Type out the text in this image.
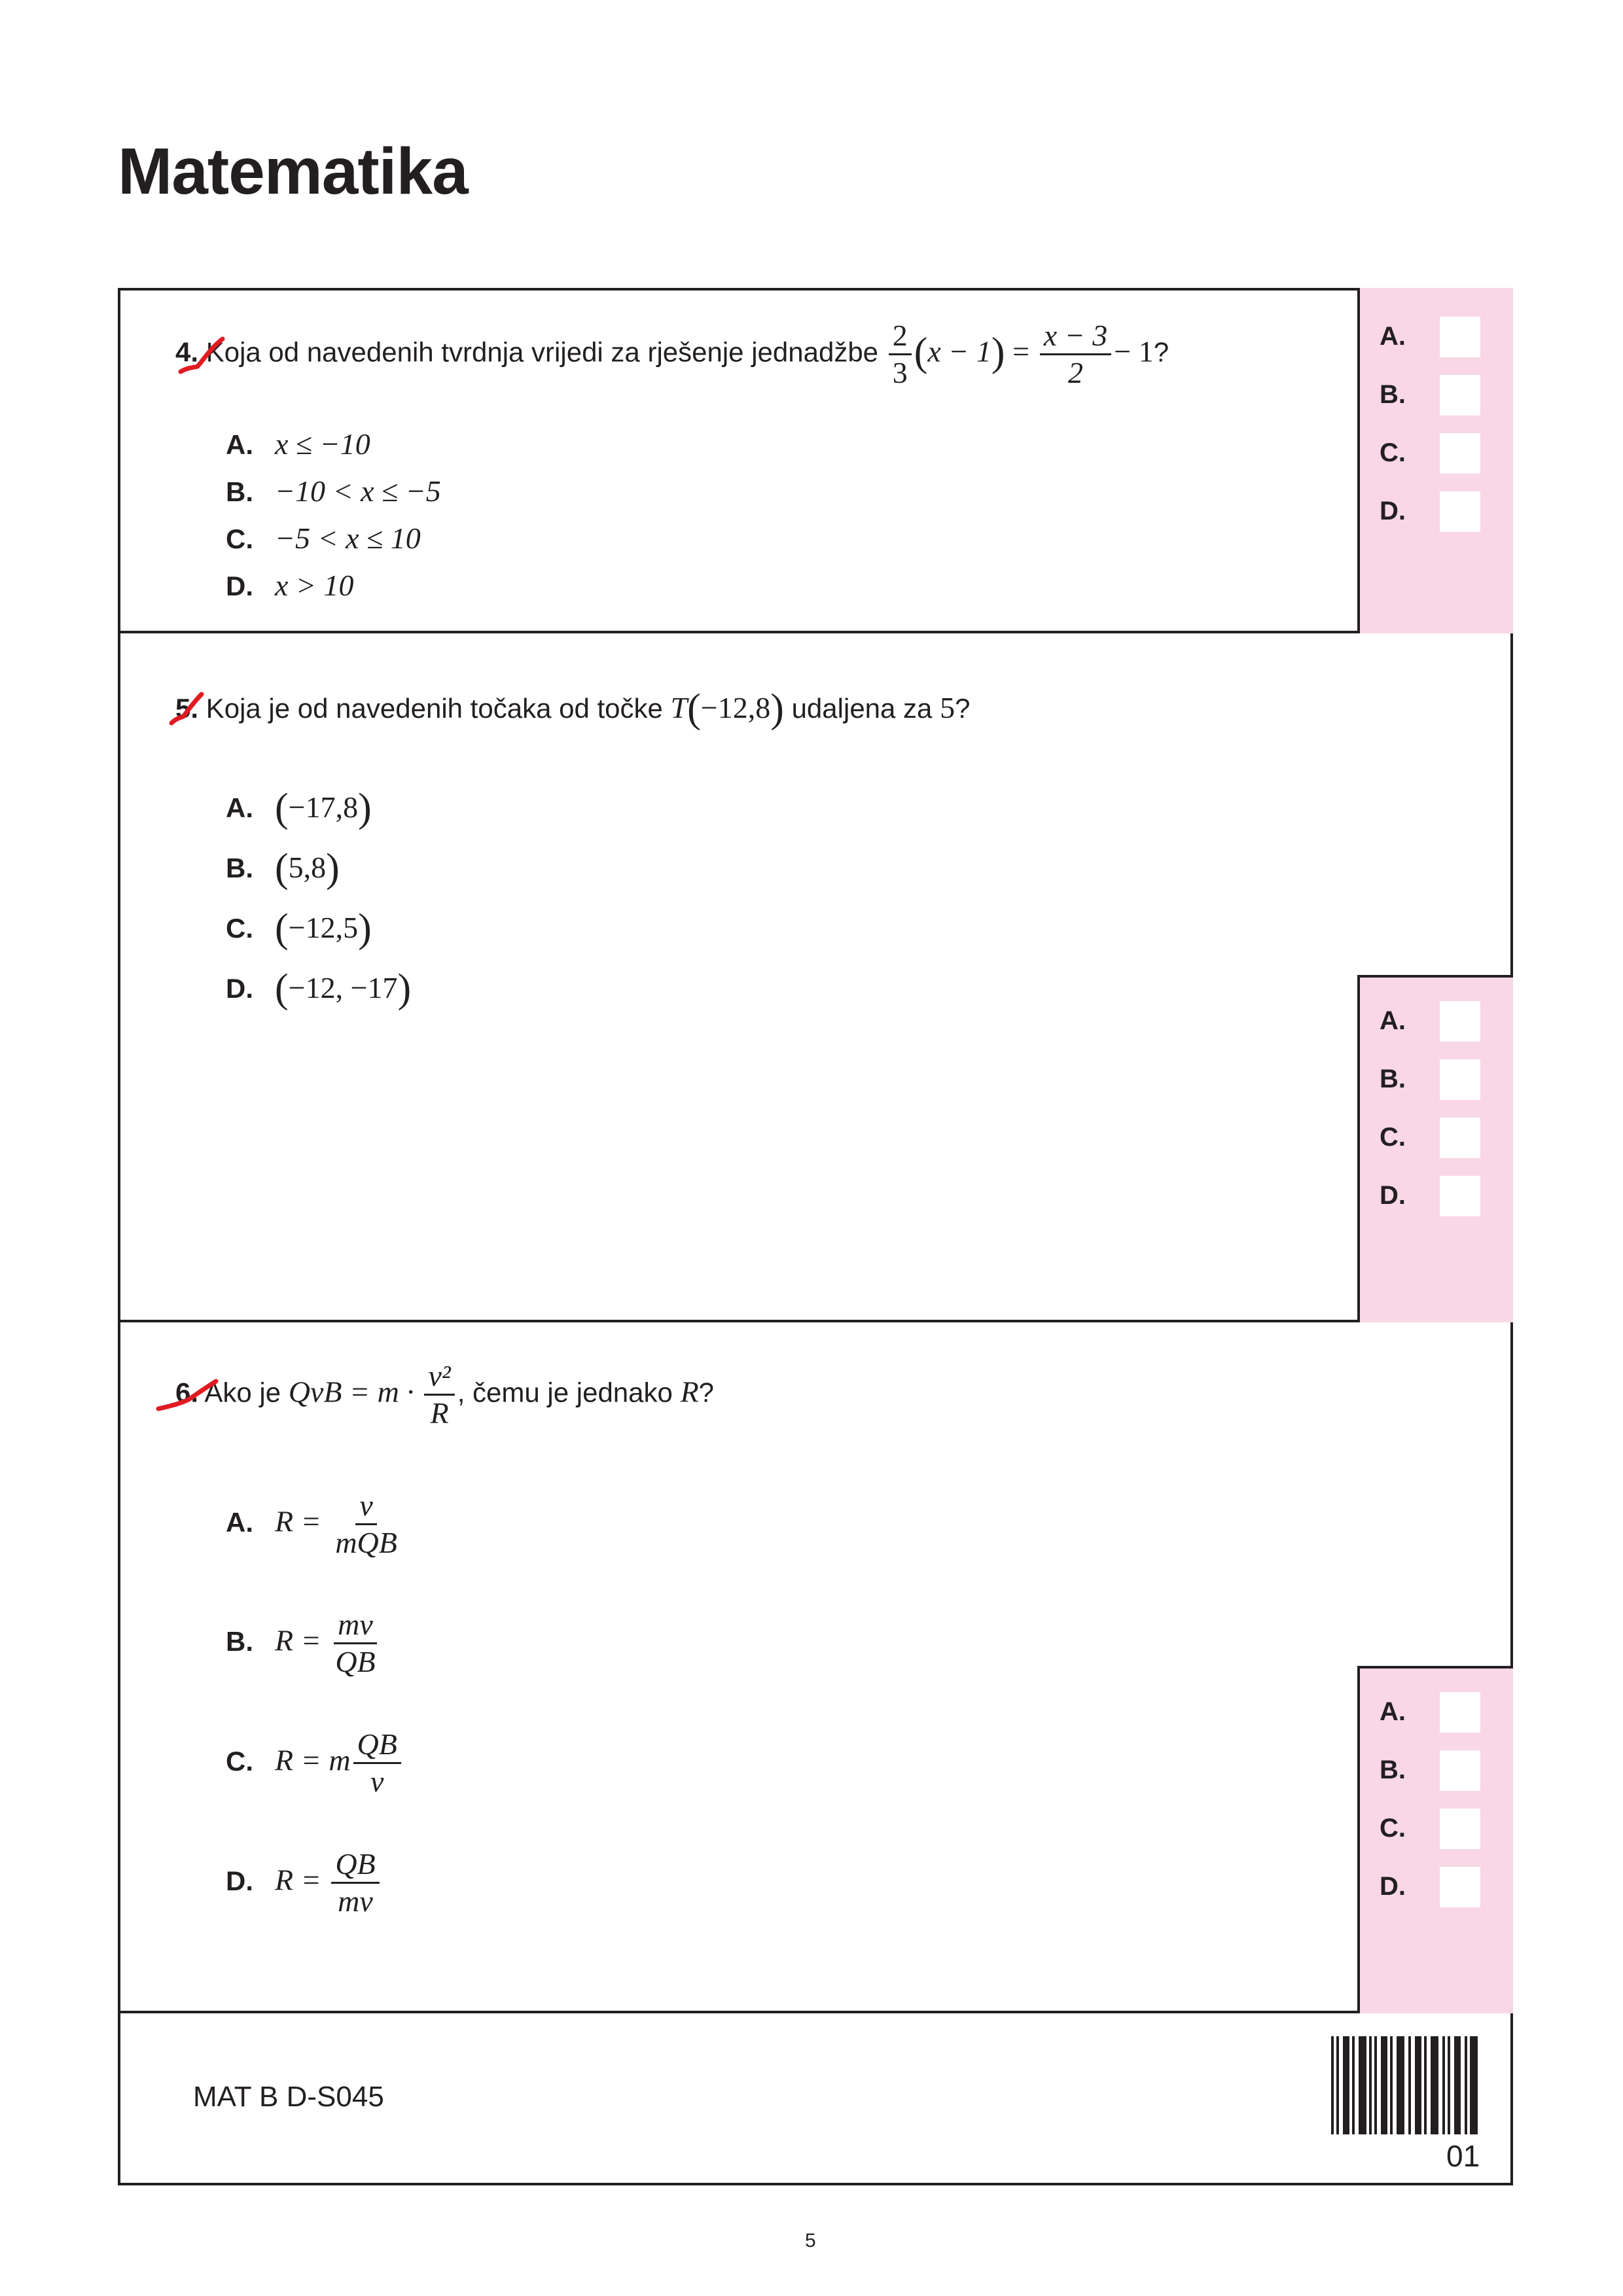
Matematika
A.
B.
C.
D.
A.
B.
C.
D.
A.
B.
C.
D.
4. Koja od navedenih tvrdnja vrijedi za rješenje jednadžbe $\frac{2}{3} (x - 1) = \frac{x - 3}{2} - 1$?
A. x ≤ −10
B. −10 < x ≤ −5
C. −5 < x ≤ 10
D. x > 10
5. Koja je od navedenih točaka od točke T(−12,8) udaljena za 5?
A. (−17,8)
B. (5,8)
C. (−12,5)
D. (−12, −17)
6. Ako je QvB = $m \cdot \frac{\text{v²}}{R}$ , čemu je jednako R?
A. $R = \frac{v}{\text{mQB}}$
B. $R = \frac{mv}{QB}$
C. R = m $\frac{QB}{v}$
D. $R = \frac{QB}{mv}$
MAT B D-S045
01
5
